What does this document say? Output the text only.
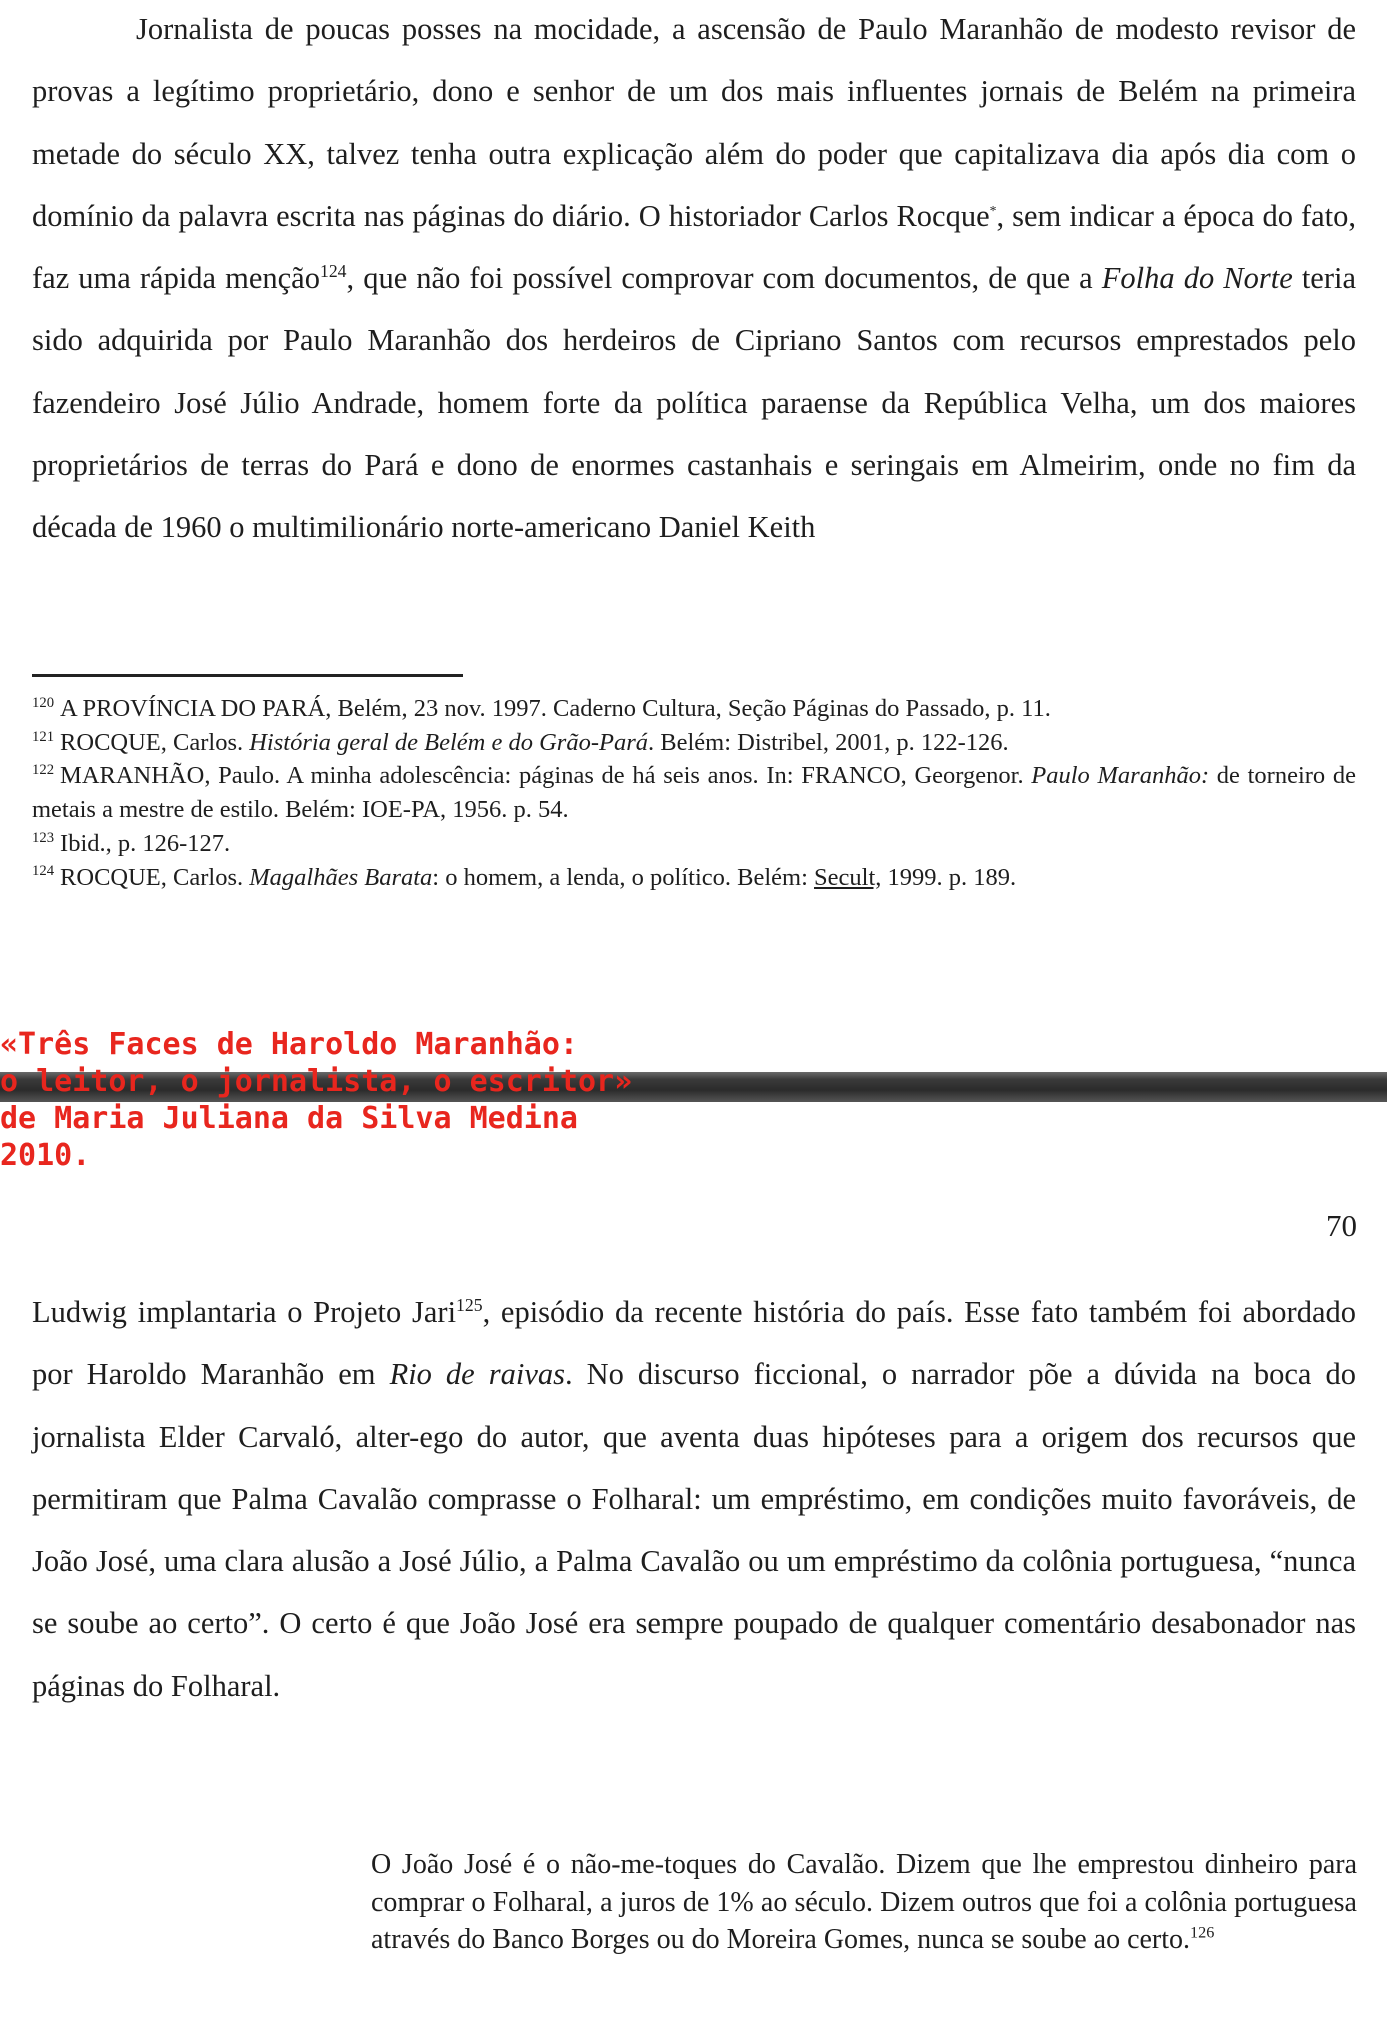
Jornalista de poucas posses na mocidade, a ascensão de Paulo Maranhão de modesto revisor de provas a legítimo proprietário, dono e senhor de um dos mais influentes jornais de Belém na primeira metade do século XX, talvez tenha outra explicação além do poder que capitalizava dia após dia com o domínio da palavra escrita nas páginas do diário. O historiador Carlos Rocque*, sem indicar a época do fato, faz uma rápida menção$^{124}$, que não foi possível comprovar com documentos, de que a Folha do Norte teria sido adquirida por Paulo Maranhão dos herdeiros de Cipriano Santos com recursos emprestados pelo fazendeiro José Júlio Andrade, homem forte da política paraense da República Velha, um dos maiores proprietários de terras do Pará e dono de enormes castanhais e seringais em Almeirim, onde no fim da década de 1960 o multimilionário norte-americano Daniel Keith

$^{120}$ A PROVÍNCIA DO PARÁ, Belém, 23 nov. 1997. Caderno Cultura, Seção Páginas do Passado, p. 11.
$^{121}$ ROCQUE, Carlos. História geral de Belém e do Grão-Pará. Belém: Distribel, 2001, p. 122-126.
$^{122}$ MARANHÃO, Paulo. A minha adolescência: páginas de há seis anos. In: FRANCO, Georgenor. Paulo Maranhão: de torneiro de metais a mestre de estilo. Belém: IOE-PA, 1956. p. 54.
$^{123}$ Ibid., p. 126-127.
$^{124}$ ROCQUE, Carlos. Magalhães Barata: o homem, a lenda, o político. Belém: Secult, 1999. p. 189.
«Três Faces de Haroldo Maranhão:
o leitor, o jornalista, o escritor»
de Maria Juliana da Silva Medina
2010.
70

Ludwig implantaria o Projeto Jari$^{125}$, episódio da recente história do país. Esse fato também foi abordado por Haroldo Maranhão em Rio de raivas. No discurso ficcional, o narrador põe a dúvida na boca do jornalista Elder Carvaló, alter-ego do autor, que aventa duas hipóteses para a origem dos recursos que permitiram que Palma Cavalão comprasse o Folharal: um empréstimo, em condições muito favoráveis, de João José, uma clara alusão a José Júlio, a Palma Cavalão ou um empréstimo da colônia portuguesa, “nunca se soube ao certo”. O certo é que João José era sempre poupado de qualquer comentário desabonador nas páginas do Folharal.

O João José é o não-me-toques do Cavalão. Dizem que lhe emprestou dinheiro para comprar o Folharal, a juros de 1% ao século. Dizem outros que foi a colônia portuguesa através do Banco Borges ou do Moreira Gomes, nunca se soube ao certo.$^{126}$
